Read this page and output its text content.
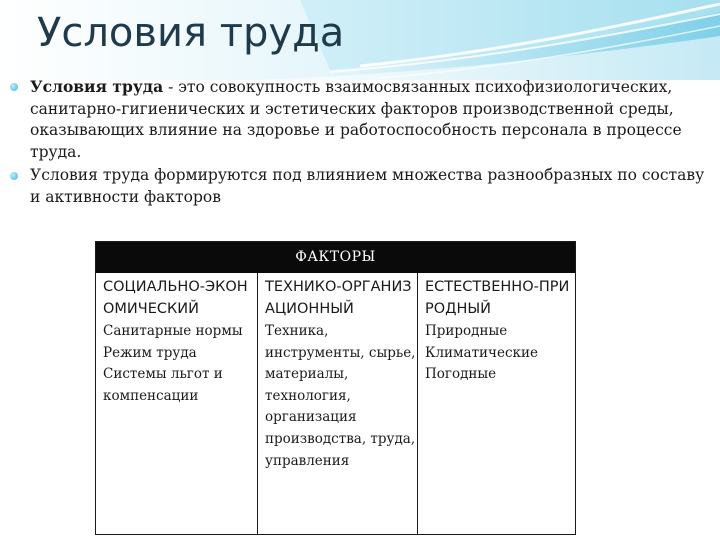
Условия труда
Условия труда - это совокупность взаимосвязанных психофизиологических, санитарно-гигиенических и эстетических факторов производственной среды, оказывающих влияние на здоровье и работоспособность персонала в процессе труда.
Условия труда формируются под влиянием множества разнообразных по составу и активности факторов
ФАКТОРЫ
СОЦИАЛЬНО-ЭКОНОМИЧЕСКИЙ
Санитарные нормы
Режим труда
Системы льгот и компенсации
ТЕХНИКО-ОРГАНИЗАЦИОННЫЙ
Техника, инструменты, сырье, материалы, технология, организация производства, труда, управления
ЕСТЕСТВЕННО-ПРИРОДНЫЙ
Природные
Климатические
Погодные
